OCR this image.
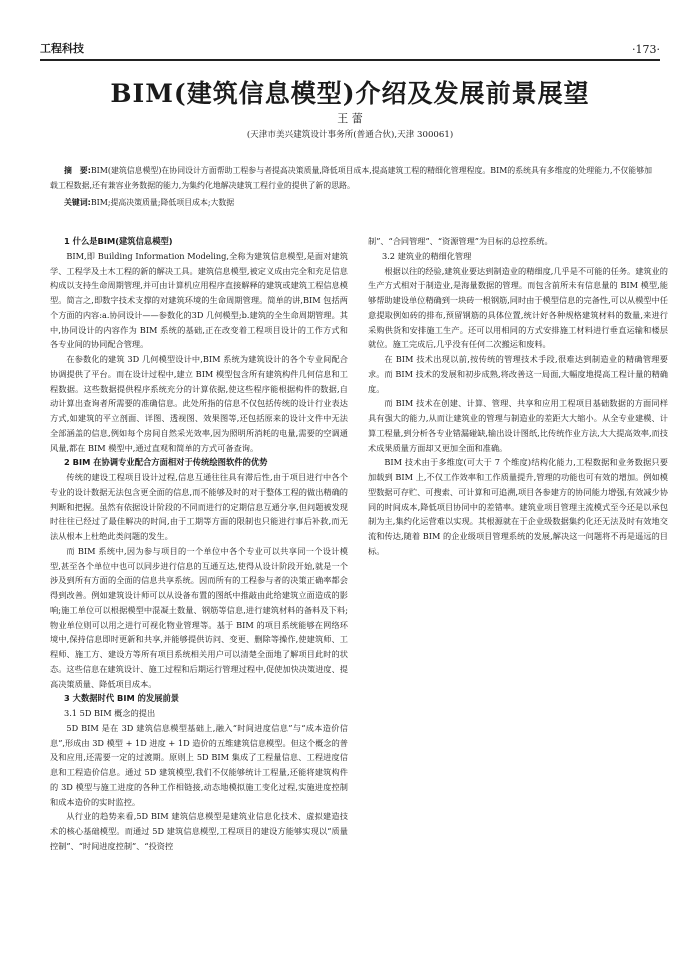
工程科技	·173·
BIM(建筑信息模型)介绍及发展前景展望
王 蕾
(天津市美兴建筑设计事务所(普通合伙),天津 300061)
摘　要:BIM(建筑信息模型)在协同设计方面帮助工程参与者提高决策质量,降低项目成本,提高建筑工程的精细化管理程度。BIM的系统具有多维度的处理能力,不仅能够加载工程数据,还有兼容业务数据的能力,为集约化地解决建筑工程行业的提供了新的思路。
关键词:BIM;提高决策质量;降低项目成本;大数据
1 什么是BIM(建筑信息模型)

BIM,即 Building Information Modeling,全称为建筑信息模型,是面对建筑学、工程学及土木工程的新的解决工具。建筑信息模型,被定义成由完全和充足信息构成以支持生命周期管理,并可由计算机应用程序直接解释的建筑或建筑工程信息模型。简言之,即数字技术支撑的对建筑环境的生命周期管理。简单的讲,BIM 包括两个方面的内容:a.协同设计——参数化的3D 几何模型;b.建筑的全生命周期管理。其中,协同设计的内容作为 BIM 系统的基础,正在改变着工程项目设计的工作方式和各专业间的协同配合管理。

在参数化的建筑 3D 几何模型设计中,BIM 系统为建筑设计的各个专业间配合协调提供了平台。而在设计过程中,建立 BIM 模型包含所有建筑构件几何信息和工程数据。这些数据提供程序系统充分的计算依据,使这些程序能根据构件的数据,自动计算出查询者所需要的准确信息。此处所指的信息不仅包括传统的设计行业表达方式,如建筑的平立剖面、详图、透视图、效果图等,还包括原来的设计文件中无法全部涵盖的信息,例如每个房间自然采光效率,因为照明所消耗的电量,需要的空调通风量,都在 BIM 模型中,通过直观和简单的方式可备查询。

2 BIM 在协调专业配合方面相对于传统绘图软件的优势

传统的建设工程项目设计过程,信息互通往往具有滞后性,由于项目进行中各个专业的设计数据无法包含更全面的信息,而不能够及时的对于整体工程的做出精确的判断和把握。虽然有依据设计阶段的不同而进行的定期信息互通分享,但问题被发现时往往已经过了最佳解决的时间,由于工期等方面的限制也只能进行事后补救,而无法从根本上杜绝此类问题的发生。

而 BIM 系统中,因为参与项目的一个单位中各个专业可以共享同一个设计模型,甚至各个单位中也可以同步进行信息的互通互达,使得从设计阶段开始,就是一个涉及到所有方面的全面的信息共享系统。因而所有的工程参与者的决策正确率都会得到改善。例如建筑设计师可以从设备布置的图纸中推敲由此给建筑立面造成的影响;施工单位可以根据模型中混凝土数量、钢筋等信息,进行建筑材料的备料及下料;物业单位则可以用之进行可视化物业管理等。基于 BIM 的项目系统能够在网络环境中,保持信息即时更新和共享,并能够提供访问、变更、删除等操作,使建筑师、工程师、施工方、建设方等所有项目系统相关用户可以清楚全面地了解项目此时的状态。这些信息在建筑设计、施工过程和后期运行管理过程中,促使加快决策进度、提高决策质量、降低项目成本。

3 大数据时代 BIM 的发展前景
3.1 5D BIM 概念的提出

5D BIM 是在 3D 建筑信息模型基础上,融入“时间进度信息”与“成本造价信息”,形成由 3D 模型 + 1D 进度 + 1D 造价的五维建筑信息模型。但这个概念的普及和应用,还需要一定的过渡期。原则上 5D BIM 集成了工程量信息、工程进度信息和工程造价信息。通过 5D 建筑模型,我们不仅能够统计工程量,还能将建筑构件的 3D 模型与施工进度的各种工作相链接,动态地模拟施工变化过程,实施进度控制和成本造价的实时监控。

从行业的趋势来看,5D BIM 建筑信息模型是建筑业信息化技术、虚拟建造技术的核心基础模型。而通过 5D 建筑信息模型,工程项目的建设方能够实现以“质量控制”、“时间进度控制”、“投资控

制”、“合同管理”、“资源管理”为目标的总控系统。

3.2 建筑业的精细化管理

根据以往的经验,建筑业要达到制造业的精细度,几乎是不可能的任务。建筑业的生产方式相对于制造业,是海量数据的管理。而包含前所未有信息量的 BIM 模型,能够帮助建设单位精确到一块砖一根钢筋,同时由于模型信息的完备性,可以从模型中任意提取例如砖的排布,预留钢筋的具体位置,统计好各种规格建筑材料的数量,来进行采购供货和安排施工生产。还可以用相同的方式安排施工材料进行垂直运输和楼层就位。施工完成后,几乎没有任何二次搬运和废料。

在 BIM 技术出现以前,按传统的管理技术手段,很难达到制造业的精确管理要求。而 BIM 技术的发展和初步成熟,将改善这一局面,大幅度地提高工程计量的精确度。

而 BIM 技术在创建、计算、管理、共享和应用工程项目基础数据的方面同样具有强大的能力,从而让建筑业的管理与制造业的差距大大缩小。从全专业建模、计算工程量,到分析各专业错漏碰缺,输出设计图纸,比传统作业方法,大大提高效率,而技术成果质量方面却又更加全面和准确。

BIM 技术由于多维度(可大于 7 个维度)结构化能力,工程数据和业务数据只要加载到 BIM 上,不仅工作效率和工作质量提升,管理的功能也可有效的增加。例如模型数据可存贮、可搜索、可计算和可追溯,项目各参建方的协同能力增强,有效减少协同的时间成本,降低项目协同中的差错率。建筑业项目管理主流模式至今还是以承包制为主,集约化运营难以实现。其根源就在于企业级数据集约化还无法及时有效地交流和传达,随着 BIM 的企业级项目管理系统的发展,解决这一问题将不再是遥远的目标。
